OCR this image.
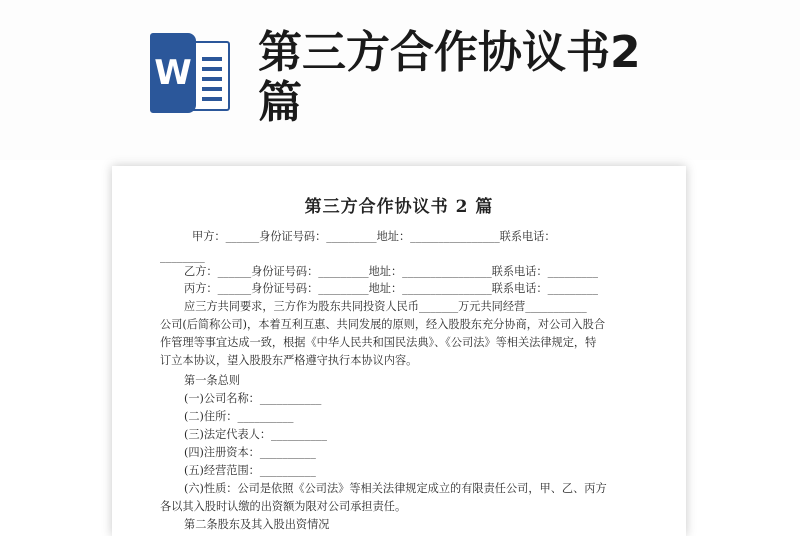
W 第三方合作协议书2篇
第三方合作协议书 2 篇
甲方：______身份证号码：_________地址：________________联系电话：
________
乙方：______身份证号码：_________地址：________________联系电话：_________
丙方：______身份证号码：_________地址：________________联系电话：_________
应三方共同要求，三方作为股东共同投资人民币_______万元共同经营___________
公司(后简称公司)，本着互利互惠、共同发展的原则，经入股股东充分协商，对公司入股合
作管理等事宜达成一致，根据《中华人民共和国民法典》、《公司法》等相关法律规定，特
订立本协议，望入股股东严格遵守执行本协议内容。
第一条总则
(一)公司名称：___________
(二)住所：__________
(三)法定代表人：__________
(四)注册资本：__________
(五)经营范围：__________
(六)性质：公司是依照《公司法》等相关法律规定成立的有限责任公司，甲、乙、丙方
各以其入股时认缴的出资额为限对公司承担责任。
第二条股东及其入股出资情况
